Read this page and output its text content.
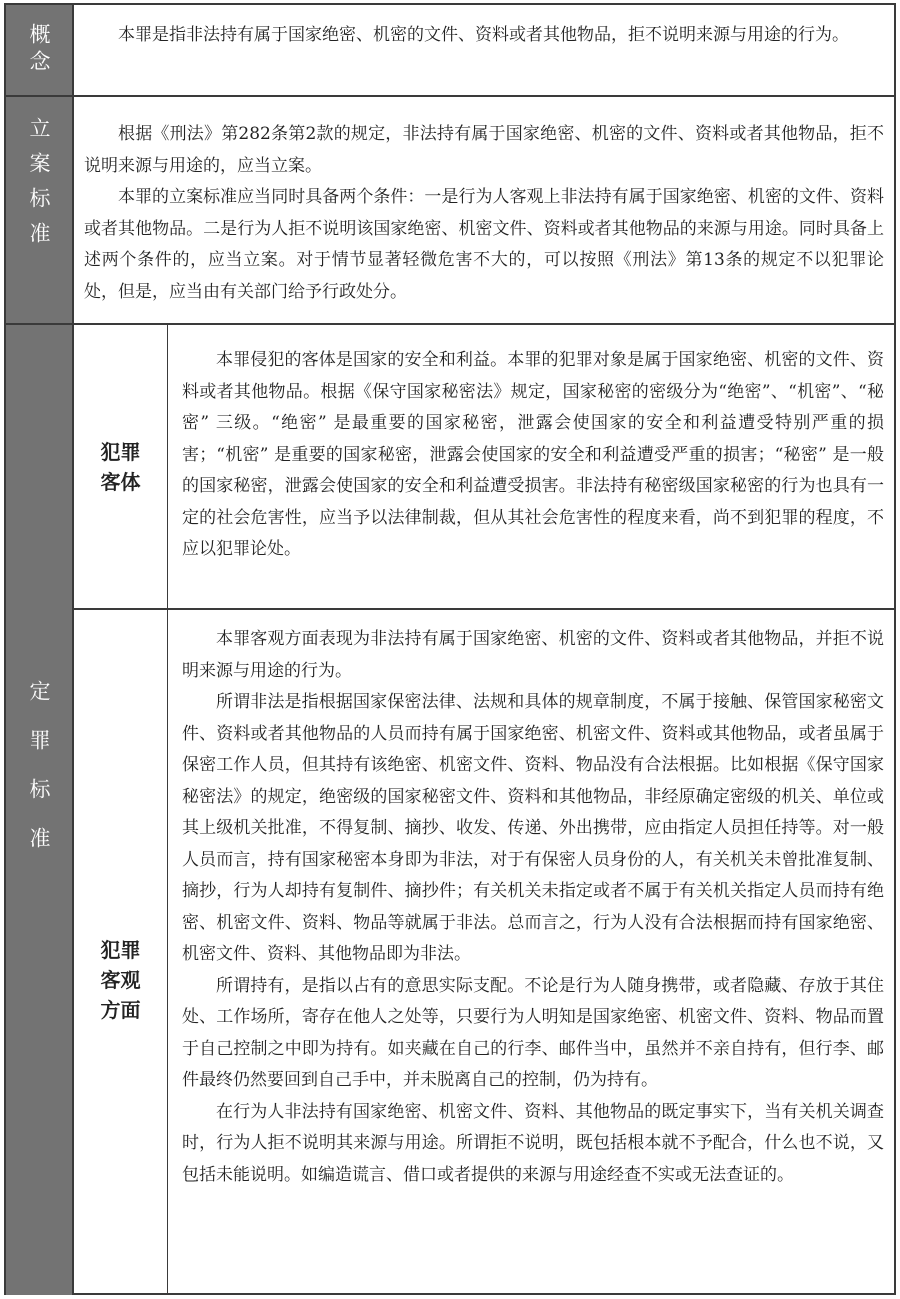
概念	本罪是指非法持有属于国家绝密、机密的文件、资料或者其他物品，拒不说明来源与用途的行为。

立案标准	根据《刑法》第282条第2款的规定，非法持有属于国家绝密、机密的文件、资料或者其他物品，拒不说明来源与用途的，应当立案。

本罪的立案标准应当同时具备两个条件：一是行为人客观上非法持有属于国家绝密、机密的文件、资料或者其他物品。二是行为人拒不说明该国家绝密、机密文件、资料或者其他物品的来源与用途。同时具备上述两个条件的，应当立案。对于情节显著轻微危害不大的，可以按照《刑法》第13条的规定不以犯罪论处，但是，应当由有关部门给予行政处分。

定罪标准
犯罪
客体

本罪侵犯的客体是国家的安全和利益。本罪的犯罪对象是属于国家绝密、机密的文件、资料或者其他物品。根据《保守国家秘密法》规定，国家秘密的密级分为“绝密”、“机密”、“秘密” 三级。“绝密” 是最重要的国家秘密，泄露会使国家的安全和利益遭受特别严重的损害；“机密” 是重要的国家秘密，泄露会使国家的安全和利益遭受严重的损害；“秘密” 是一般的国家秘密，泄露会使国家的安全和利益遭受损害。非法持有秘密级国家秘密的行为也具有一定的社会危害性，应当予以法律制裁，但从其社会危害性的程度来看，尚不到犯罪的程度，不应以犯罪论处。

犯罪
客观
方面

本罪客观方面表现为非法持有属于国家绝密、机密的文件、资料或者其他物品，并拒不说明来源与用途的行为。

所谓非法是指根据国家保密法律、法规和具体的规章制度，不属于接触、保管国家秘密文件、资料或者其他物品的人员而持有属于国家绝密、机密文件、资料或其他物品，或者虽属于保密工作人员，但其持有该绝密、机密文件、资料、物品没有合法根据。比如根据《保守国家秘密法》的规定，绝密级的国家秘密文件、资料和其他物品，非经原确定密级的机关、单位或其上级机关批准，不得复制、摘抄、收发、传递、外出携带，应由指定人员担任持等。对一般人员而言，持有国家秘密本身即为非法，对于有保密人员身份的人，有关机关未曾批准复制、摘抄，行为人却持有复制件、摘抄件；有关机关未指定或者不属于有关机关指定人员而持有绝密、机密文件、资料、物品等就属于非法。总而言之，行为人没有合法根据而持有国家绝密、机密文件、资料、其他物品即为非法。

所谓持有，是指以占有的意思实际支配。不论是行为人随身携带，或者隐藏、存放于其住处、工作场所，寄存在他人之处等，只要行为人明知是国家绝密、机密文件、资料、物品而置于自己控制之中即为持有。如夹藏在自己的行李、邮件当中，虽然并不亲自持有，但行李、邮件最终仍然要回到自己手中，并未脱离自己的控制，仍为持有。

在行为人非法持有国家绝密、机密文件、资料、其他物品的既定事实下，当有关机关调查时，行为人拒不说明其来源与用途。所谓拒不说明，既包括根本就不予配合，什么也不说，又包括未能说明。如编造谎言、借口或者提供的来源与用途经查不实或无法查证的。
